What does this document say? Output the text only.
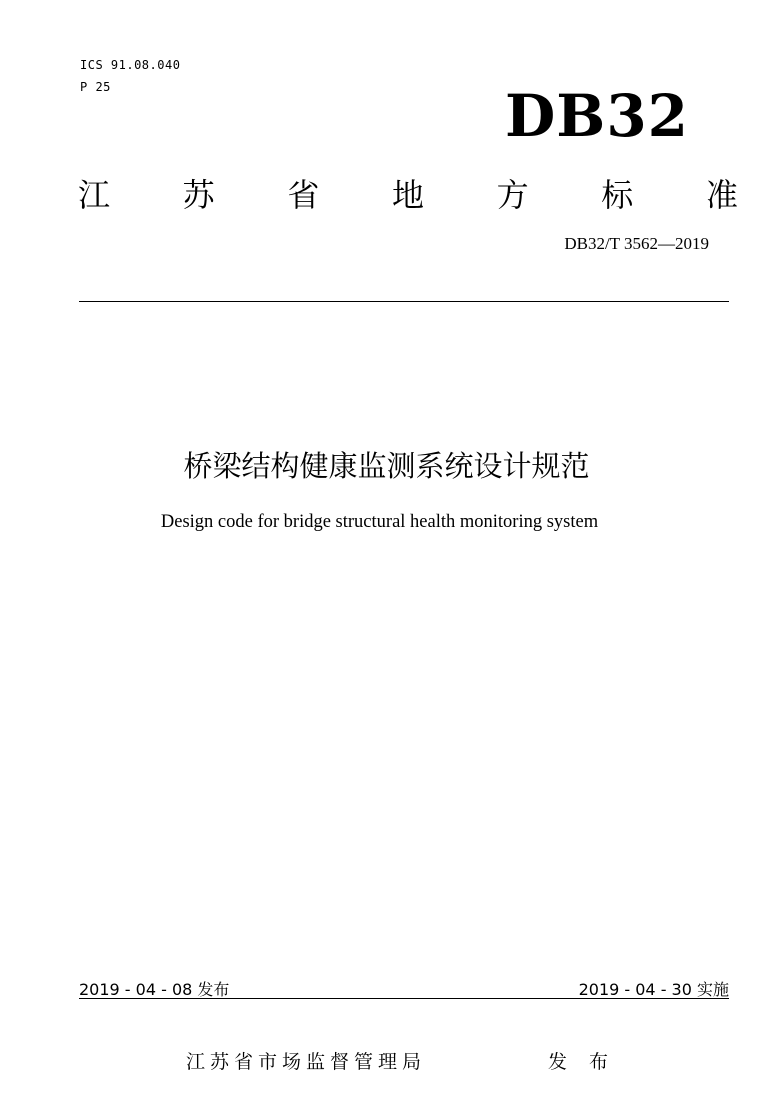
ICS 91.08.040
P 25	DB32
江 苏 省 地 方 标 准
DB32/T 3562—2019
桥梁结构健康监测系统设计规范
Design code for bridge structural health monitoring system
2019 - 04 - 08 发布	2019 - 04 - 30 实施
江苏省市场监督管理局	发 布
